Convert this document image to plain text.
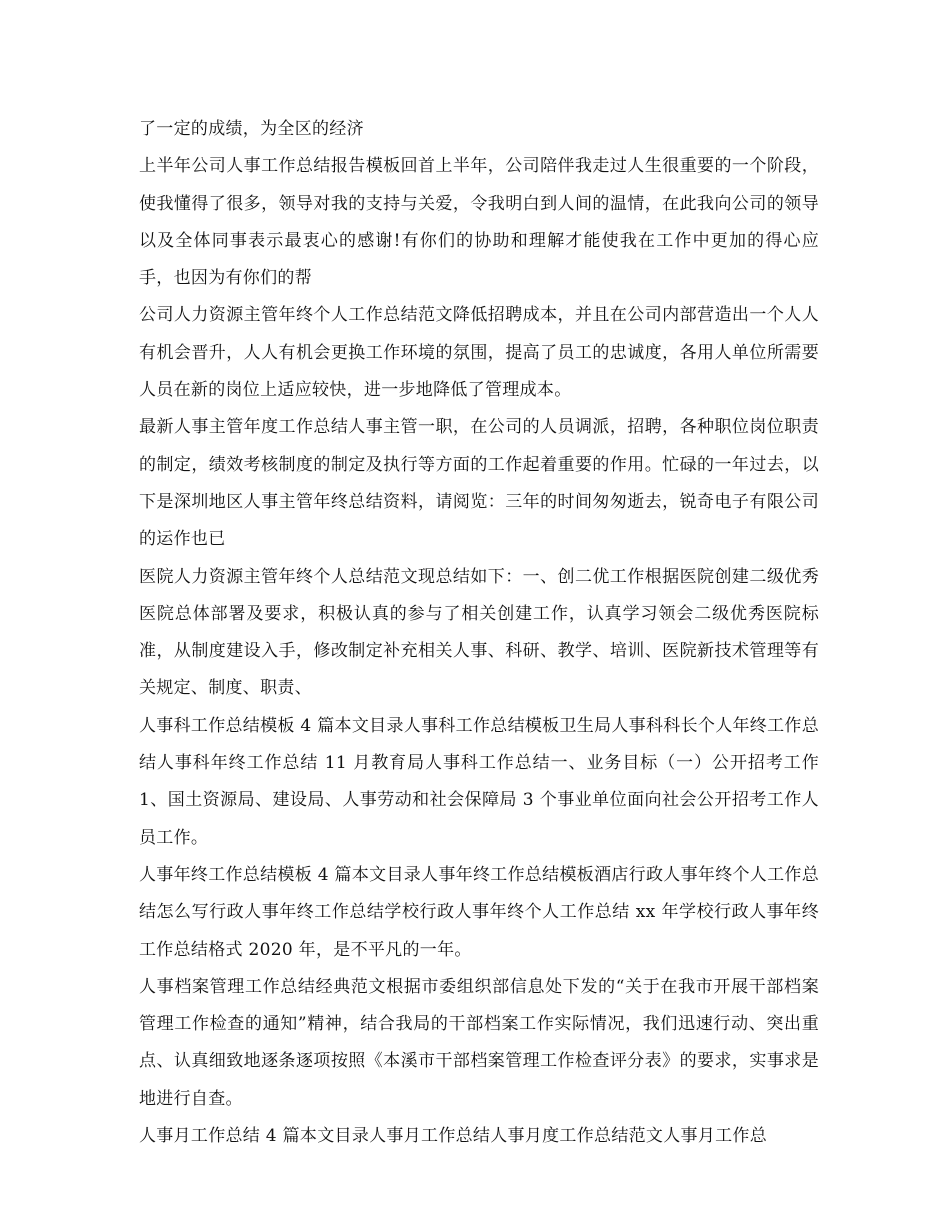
了一定的成绩，为全区的经济

上半年公司人事工作总结报告模板回首上半年，公司陪伴我走过人生很重要的一个阶段，使我懂得了很多，领导对我的支持与关爱，令我明白到人间的温情，在此我向公司的领导以及全体同事表示最衷心的感谢!有你们的协助和理解才能使我在工作中更加的得心应手，也因为有你们的帮

公司人力资源主管年终个人工作总结范文降低招聘成本，并且在公司内部营造出一个人人有机会晋升，人人有机会更换工作环境的氛围，提高了员工的忠诚度，各用人单位所需要人员在新的岗位上适应较快，进一步地降低了管理成本。

最新人事主管年度工作总结人事主管一职，在公司的人员调派，招聘，各种职位岗位职责的制定，绩效考核制度的制定及执行等方面的工作起着重要的作用。忙碌的一年过去，以下是深圳地区人事主管年终总结资料，请阅览：三年的时间匆匆逝去，锐奇电子有限公司的运作也已

医院人力资源主管年终个人总结范文现总结如下：一、创二优工作根据医院创建二级优秀医院总体部署及要求，积极认真的参与了相关创建工作，认真学习领会二级优秀医院标准，从制度建设入手，修改制定补充相关人事、科研、教学、培训、医院新技术管理等有关规定、制度、职责、

人事科工作总结模板 4 篇本文目录人事科工作总结模板卫生局人事科科长个人年终工作总结人事科年终工作总结 11 月教育局人事科工作总结一、业务目标（一）公开招考工作 1、国土资源局、建设局、人事劳动和社会保障局 3 个事业单位面向社会公开招考工作人员工作。

人事年终工作总结模板 4 篇本文目录人事年终工作总结模板酒店行政人事年终个人工作总结怎么写行政人事年终工作总结学校行政人事年终个人工作总结 xx 年学校行政人事年终工作总结格式 2020 年，是不平凡的一年。

人事档案管理工作总结经典范文根据市委组织部信息处下发的“关于在我市开展干部档案管理工作检查的通知”精神，结合我局的干部档案工作实际情况，我们迅速行动、突出重点、认真细致地逐条逐项按照《本溪市干部档案管理工作检查评分表》的要求，实事求是地进行自查。

人事月工作总结 4 篇本文目录人事月工作总结人事月度工作总结范文人事月工作总
